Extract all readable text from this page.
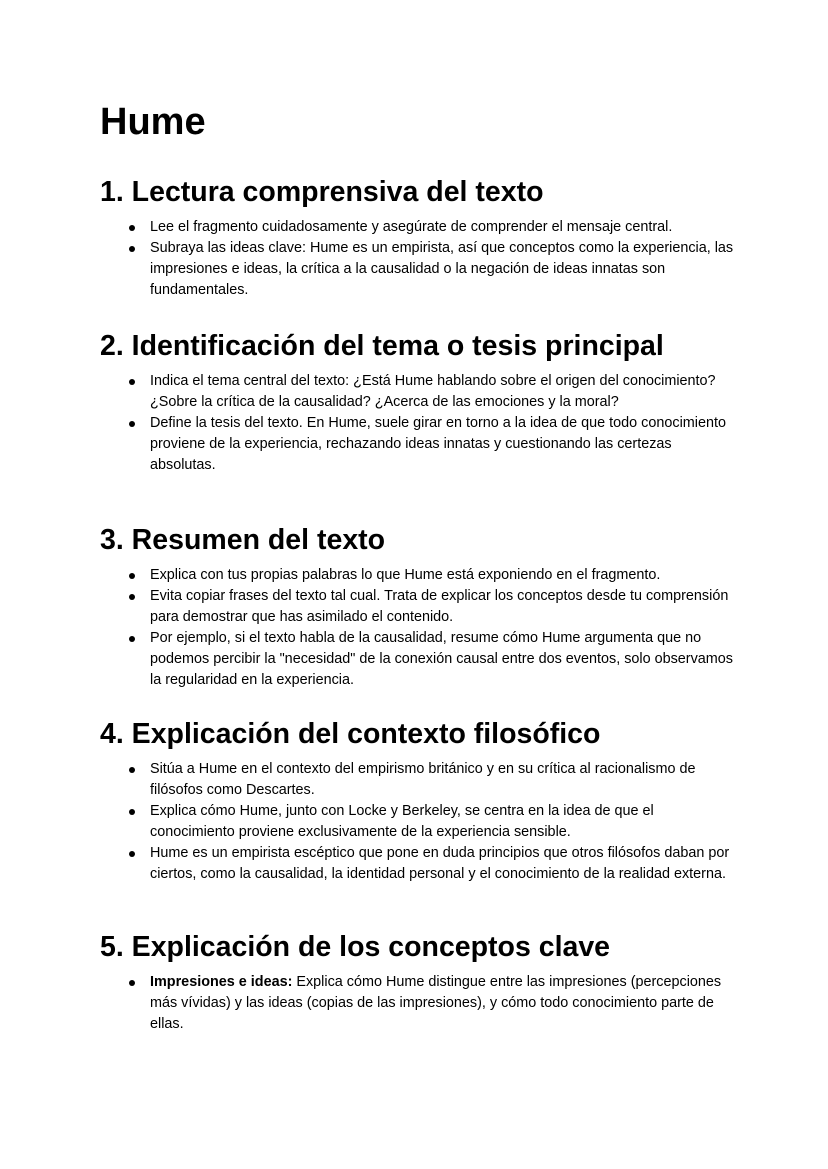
Hume
1. Lectura comprensiva del texto
Lee el fragmento cuidadosamente y asegúrate de comprender el mensaje central.
Subraya las ideas clave: Hume es un empirista, así que conceptos como la experiencia, las impresiones e ideas, la crítica a la causalidad o la negación de ideas innatas son fundamentales.
2. Identificación del tema o tesis principal
Indica el tema central del texto: ¿Está Hume hablando sobre el origen del conocimiento? ¿Sobre la crítica de la causalidad? ¿Acerca de las emociones y la moral?
Define la tesis del texto. En Hume, suele girar en torno a la idea de que todo conocimiento proviene de la experiencia, rechazando ideas innatas y cuestionando las certezas absolutas.
3. Resumen del texto
Explica con tus propias palabras lo que Hume está exponiendo en el fragmento.
Evita copiar frases del texto tal cual. Trata de explicar los conceptos desde tu comprensión para demostrar que has asimilado el contenido.
Por ejemplo, si el texto habla de la causalidad, resume cómo Hume argumenta que no podemos percibir la "necesidad" de la conexión causal entre dos eventos, solo observamos la regularidad en la experiencia.
4. Explicación del contexto filosófico
Sitúa a Hume en el contexto del empirismo británico y en su crítica al racionalismo de filósofos como Descartes.
Explica cómo Hume, junto con Locke y Berkeley, se centra en la idea de que el conocimiento proviene exclusivamente de la experiencia sensible.
Hume es un empirista escéptico que pone en duda principios que otros filósofos daban por ciertos, como la causalidad, la identidad personal y el conocimiento de la realidad externa.
5. Explicación de los conceptos clave
Impresiones e ideas: Explica cómo Hume distingue entre las impresiones (percepciones más vívidas) y las ideas (copias de las impresiones), y cómo todo conocimiento parte de ellas.
